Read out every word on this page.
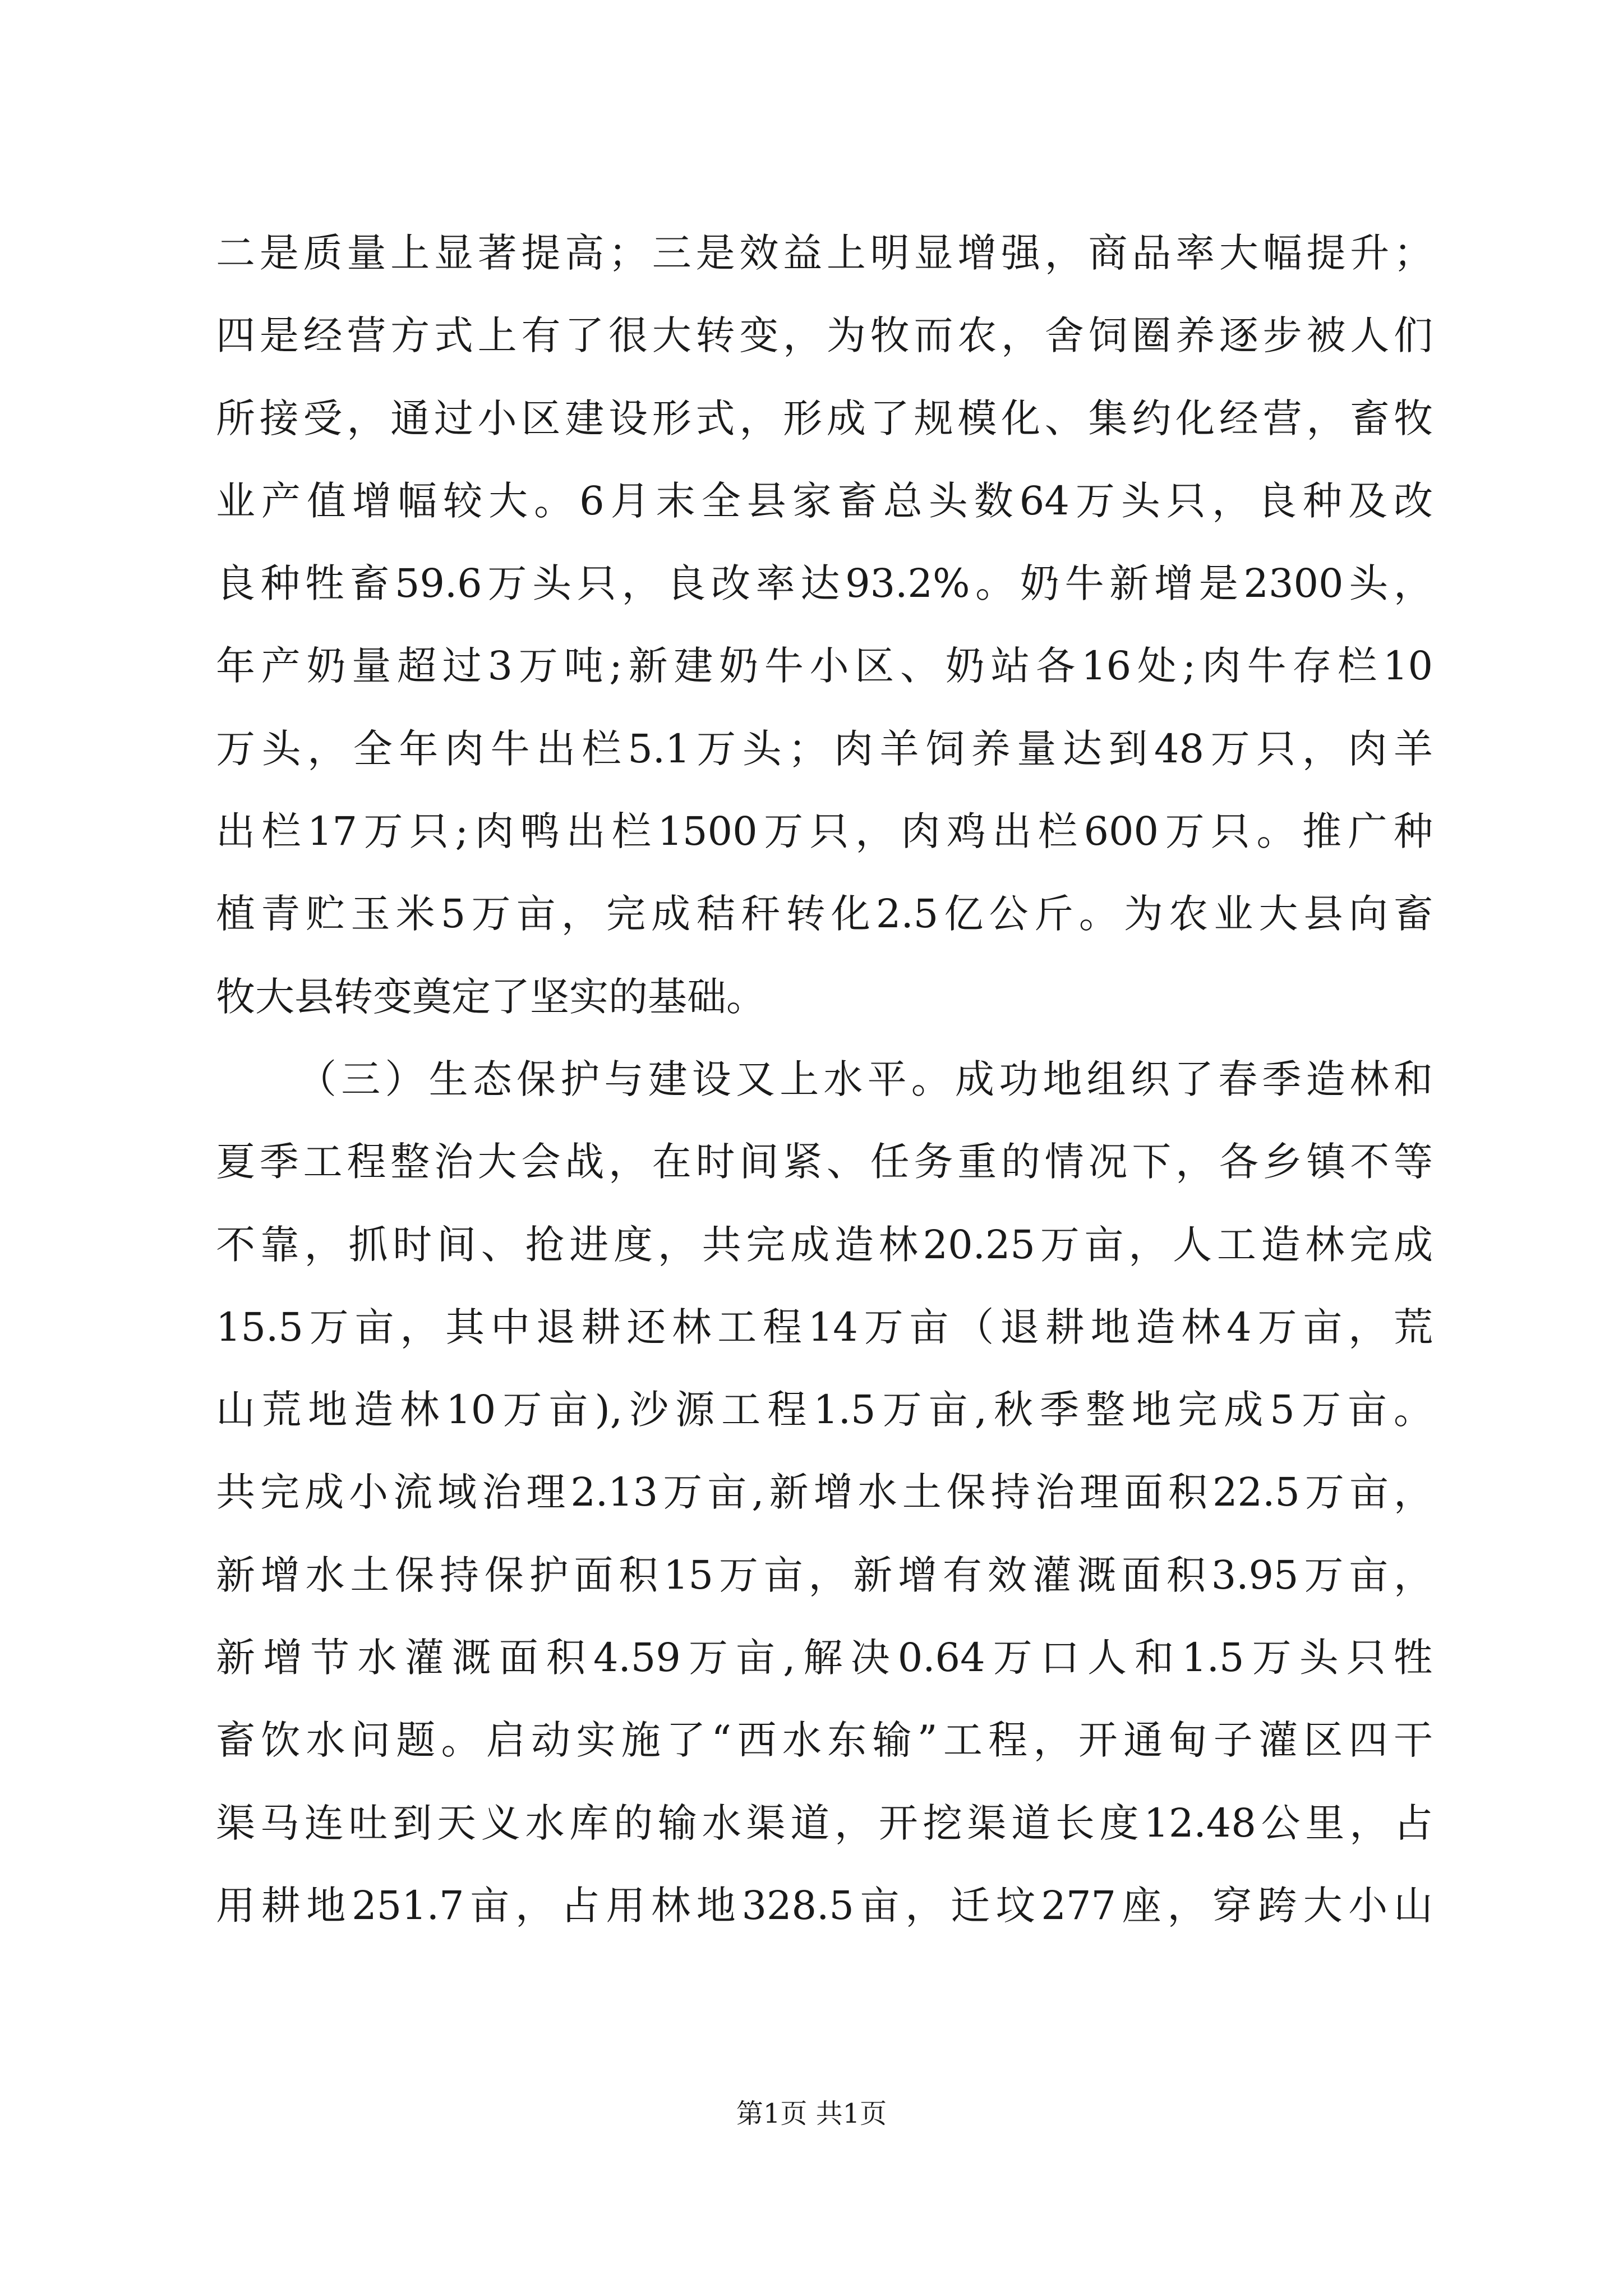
二是质量上显著提高；三是效益上明显增强，商品率大幅提升；
四是经营方式上有了很大转变，为牧而农，舍饲圈养逐步被人们
所接受，通过小区建设形式，形成了规模化、集约化经营，畜牧
业产值增幅较大。6月末全县家畜总头数64万头只，良种及改
良种牲畜59.6万头只，良改率达93.2%。奶牛新增是2300头，
年产奶量超过3万吨;新建奶牛小区、奶站各16处;肉牛存栏10
万头，全年肉牛出栏5.1万头；肉羊饲养量达到48万只，肉羊
出栏17万只;肉鸭出栏1500万只，肉鸡出栏600万只。推广种
植青贮玉米5万亩，完成秸秆转化2.5亿公斤。为农业大县向畜
牧大县转变奠定了坚实的基础。
（三）生态保护与建设又上水平。成功地组织了春季造林和
夏季工程整治大会战，在时间紧、任务重的情况下，各乡镇不等
不靠，抓时间、抢进度，共完成造林20.25万亩，人工造林完成
15.5万亩，其中退耕还林工程14万亩（退耕地造林4万亩，荒
山荒地造林10万亩),沙源工程1.5万亩,秋季整地完成5万亩。
共完成小流域治理2.13万亩,新增水土保持治理面积22.5万亩，
新增水土保持保护面积15万亩，新增有效灌溉面积3.95万亩，
新增节水灌溉面积4.59万亩,解决0.64万口人和1.5万头只牲
畜饮水问题。启动实施了“西水东输”工程，开通甸子灌区四干
渠马连吐到天义水库的输水渠道，开挖渠道长度12.48公里，占
用耕地251.7亩，占用林地328.5亩，迁坟277座，穿跨大小山
第1页 共1页
